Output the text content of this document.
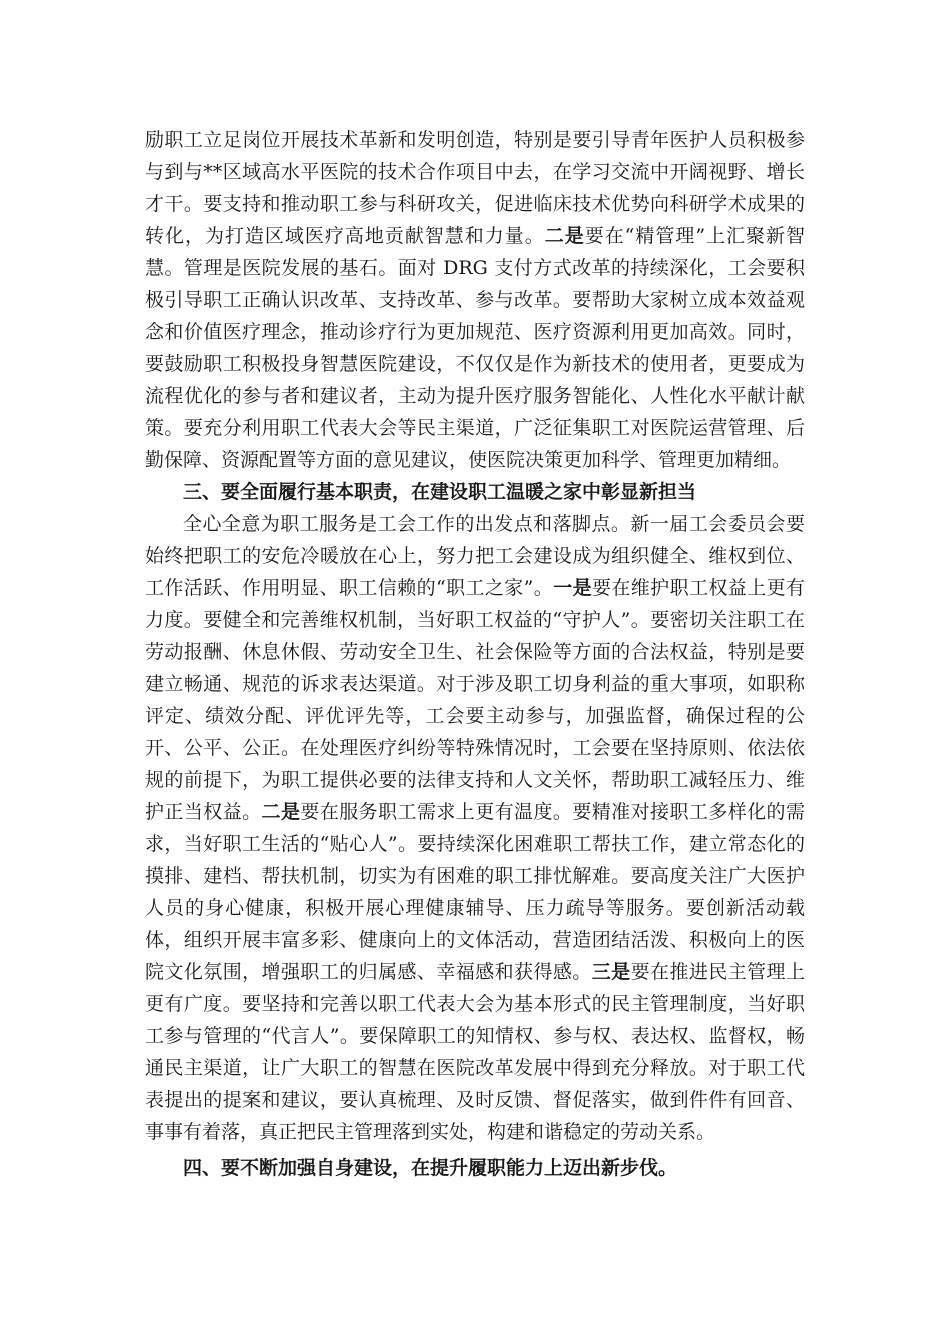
励职工立足岗位开展技术革新和发明创造，特别是要引导青年医护人员积极参与到与**区域高水平医院的技术合作项目中去，在学习交流中开阔视野、增长才干。要支持和推动职工参与科研攻关，促进临床技术优势向科研学术成果的转化，为打造区域医疗高地贡献智慧和力量。二是要在“精管理”上汇聚新智慧。管理是医院发展的基石。面对 DRG 支付方式改革的持续深化，工会要积极引导职工正确认识改革、支持改革、参与改革。要帮助大家树立成本效益观念和价值医疗理念，推动诊疗行为更加规范、医疗资源利用更加高效。同时，要鼓励职工积极投身智慧医院建设，不仅仅是作为新技术的使用者，更要成为流程优化的参与者和建议者，主动为提升医疗服务智能化、人性化水平献计献策。要充分利用职工代表大会等民主渠道，广泛征集职工对医院运营管理、后勤保障、资源配置等方面的意见建议，使医院决策更加科学、管理更加精细。

三、要全面履行基本职责，在建设职工温暖之家中彰显新担当

全心全意为职工服务是工会工作的出发点和落脚点。新一届工会委员会要始终把职工的安危冷暖放在心上，努力把工会建设成为组织健全、维权到位、工作活跃、作用明显、职工信赖的“职工之家”。一是要在维护职工权益上更有力度。要健全和完善维权机制，当好职工权益的“守护人”。要密切关注职工在劳动报酬、休息休假、劳动安全卫生、社会保险等方面的合法权益，特别是要建立畅通、规范的诉求表达渠道。对于涉及职工切身利益的重大事项，如职称评定、绩效分配、评优评先等，工会要主动参与，加强监督，确保过程的公开、公平、公正。在处理医疗纠纷等特殊情况时，工会要在坚持原则、依法依规的前提下，为职工提供必要的法律支持和人文关怀，帮助职工减轻压力、维护正当权益。二是要在服务职工需求上更有温度。要精准对接职工多样化的需求，当好职工生活的“贴心人”。要持续深化困难职工帮扶工作，建立常态化的摸排、建档、帮扶机制，切实为有困难的职工排忧解难。要高度关注广大医护人员的身心健康，积极开展心理健康辅导、压力疏导等服务。要创新活动载体，组织开展丰富多彩、健康向上的文体活动，营造团结活泼、积极向上的医院文化氛围，增强职工的归属感、幸福感和获得感。三是要在推进民主管理上更有广度。要坚持和完善以职工代表大会为基本形式的民主管理制度，当好职工参与管理的“代言人”。要保障职工的知情权、参与权、表达权、监督权，畅通民主渠道，让广大职工的智慧在医院改革发展中得到充分释放。对于职工代表提出的提案和建议，要认真梳理、及时反馈、督促落实，做到件件有回音、事事有着落，真正把民主管理落到实处，构建和谐稳定的劳动关系。

四、要不断加强自身建设，在提升履职能力上迈出新步伐。
